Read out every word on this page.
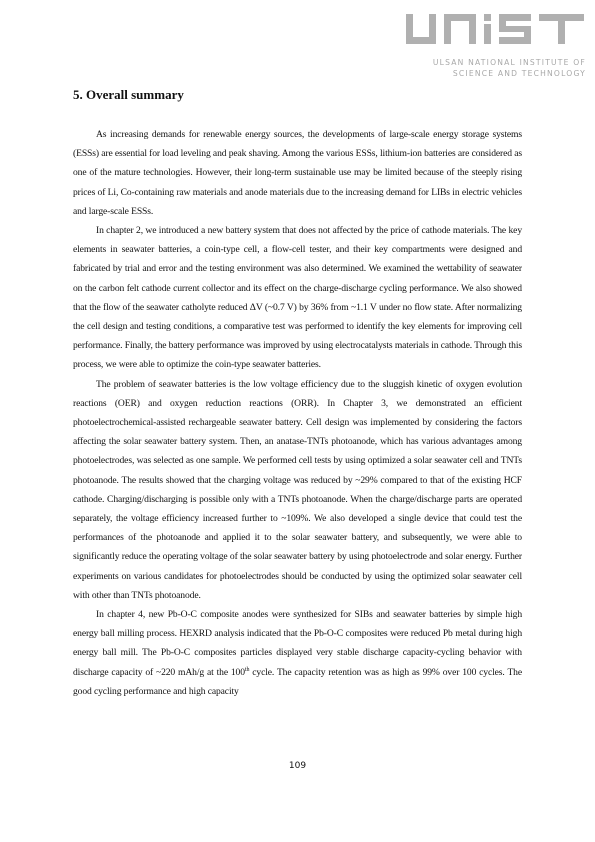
ULSAN NATIONAL INSTITUTE OF
SCIENCE AND TECHNOLOGY
5. Overall summary

As increasing demands for renewable energy sources, the developments of large-scale energy storage systems (ESSs) are essential for load leveling and peak shaving. Among the various ESSs, lithium-ion batteries are considered as one of the mature technologies. However, their long-term sustainable use may be limited because of the steeply rising prices of Li, Co-containing raw materials and anode materials due to the increasing demand for LIBs in electric vehicles and large-scale ESSs.

In chapter 2, we introduced a new battery system that does not affected by the price of cathode materials. The key elements in seawater batteries, a coin-type cell, a flow-cell tester, and their key compartments were designed and fabricated by trial and error and the testing environment was also determined. We examined the wettability of seawater on the carbon felt cathode current collector and its effect on the charge-discharge cycling performance. We also showed that the flow of the seawater catholyte reduced ΔV (~0.7 V) by 36% from ~1.1 V under no flow state. After normalizing the cell design and testing conditions, a comparative test was performed to identify the key elements for improving cell performance. Finally, the battery performance was improved by using electrocatalysts materials in cathode. Through this process, we were able to optimize the coin-type seawater batteries.

The problem of seawater batteries is the low voltage efficiency due to the sluggish kinetic of oxygen evolution reactions (OER) and oxygen reduction reactions (ORR). In Chapter 3, we demonstrated an efficient photoelectrochemical-assisted rechargeable seawater battery. Cell design was implemented by considering the factors affecting the solar seawater battery system. Then, an anatase-TNTs photoanode, which has various advantages among photoelectrodes, was selected as one sample. We performed cell tests by using optimized a solar seawater cell and TNTs photoanode. The results showed that the charging voltage was reduced by ~29% compared to that of the existing HCF cathode. Charging/discharging is possible only with a TNTs photoanode. When the charge/discharge parts are operated separately, the voltage efficiency increased further to ~109%. We also developed a single device that could test the performances of the photoanode and applied it to the solar seawater battery, and subsequently, we were able to significantly reduce the operating voltage of the solar seawater battery by using photoelectrode and solar energy. Further experiments on various candidates for photoelectrodes should be conducted by using the optimized solar seawater cell with other than TNTs photoanode.

In chapter 4, new Pb-O-C composite anodes were synthesized for SIBs and seawater batteries by simple high energy ball milling process. HEXRD analysis indicated that the Pb-O-C composites were reduced Pb metal during high energy ball mill. The Pb-O-C composites particles displayed very stable discharge capacity-cycling behavior with discharge capacity of ~220 mAh/g at the 100th cycle. The capacity retention was as high as 99% over 100 cycles. The good cycling performance and high capacity

109
